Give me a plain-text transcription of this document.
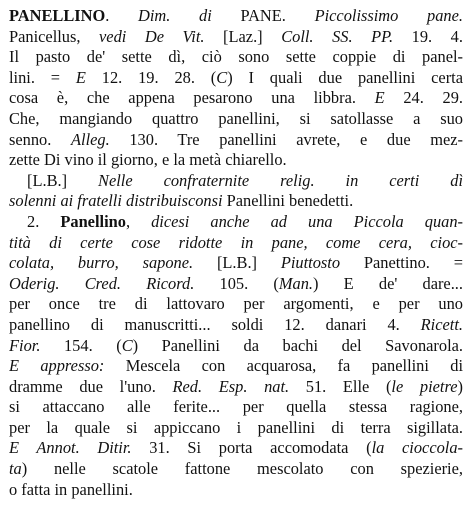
PANELLINO. Dim. di PANE. Piccolissimo pane.
Panicellus, vedi De Vit. [Laz.] Coll. SS. PP. 19. 4.
Il pasto de' sette dì, ciò sono sette coppie di panel-
lini. = E 12. 19. 28. (C) I quali due panellini certa
cosa è, che appena pesarono una libbra. E 24. 29.
Che, mangiando quattro panellini, si satollasse a suo
senno. Alleg. 130. Tre panellini avrete, e due mez-
zette Di vino il giorno, e la metà chiarello.
[L.B.] Nelle confraternite relig. in certi dì
solenni ai fratelli distribuisconsi Panellini benedetti.
2. Panellino, dicesi anche ad una Piccola quan-
tità di certe cose ridotte in pane, come cera, cioc-
colata, burro, sapone. [L.B.] Piuttosto Panettino. =
Oderig. Cred. Ricord. 105. (Man.) E de' dare...
per once tre di lattovaro per argomenti, e per uno
panellino di manuscritti... soldi 12. danari 4. Ricett.
Fior. 154. (C) Panellini da bachi del Savonarola.
E appresso: Mescela con acquarosa, fa panellini di
dramme due l'uno. Red. Esp. nat. 51. Elle (le pietre)
si attaccano alle ferite... per quella stessa ragione,
per la quale si appiccano i panellini di terra sigillata.
E Annot. Ditir. 31. Si porta accomodata (la cioccola-
ta) nelle scatole fattone mescolato con spezierie,
o fatta in panellini.
